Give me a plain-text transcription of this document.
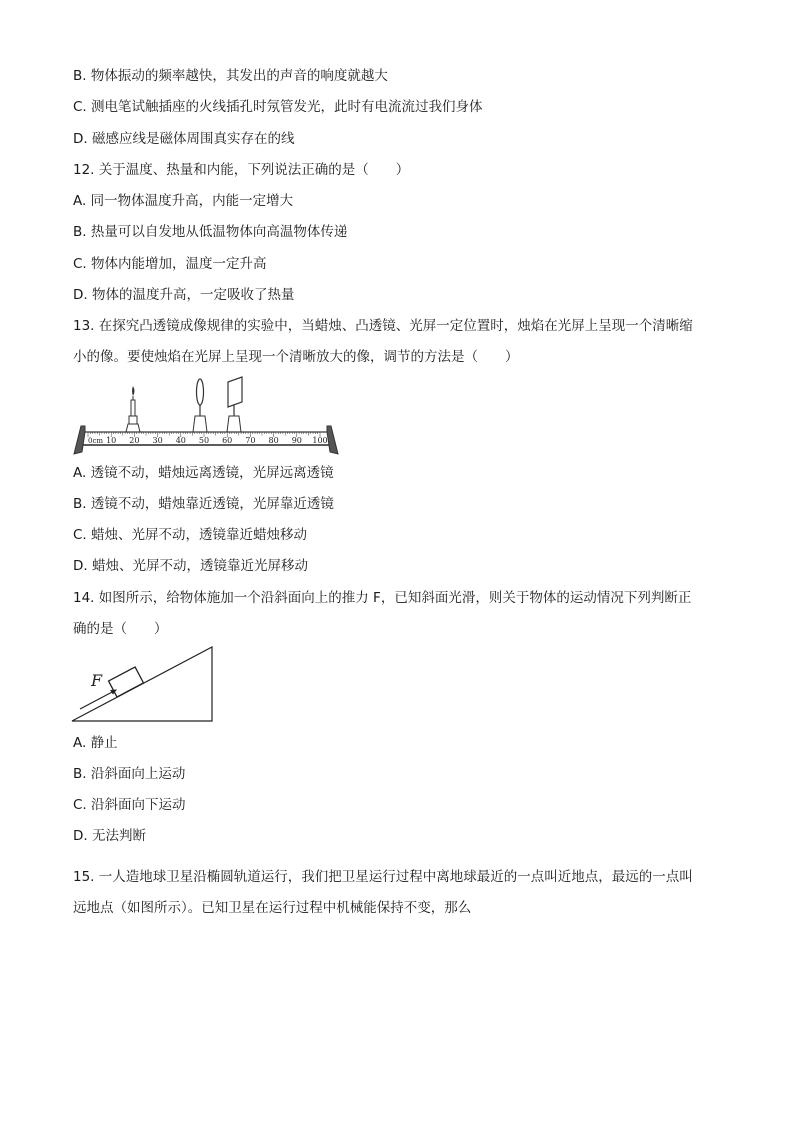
B. 物体振动的频率越快，其发出的声音的响度就越大
C. 测电笔试触插座的火线插孔时氖管发光，此时有电流流过我们身体
D. 磁感应线是磁体周围真实存在的线
12. 关于温度、热量和内能，下列说法正确的是（　　）
A. 同一物体温度升高，内能一定增大
B. 热量可以自发地从低温物体向高温物体传递
C. 物体内能增加，温度一定升高
D. 物体的温度升高，一定吸收了热量
13. 在探究凸透镜成像规律的实验中，当蜡烛、凸透镜、光屏一定位置时，烛焰在光屏上呈现一个清晰缩
小的像。要使烛焰在光屏上呈现一个清晰放大的像，调节的方法是（　　）
0cm 10 20 30 40 50 60 70 80 90 100
A. 透镜不动，蜡烛远离透镜，光屏远离透镜
B. 透镜不动，蜡烛靠近透镜，光屏靠近透镜
C. 蜡烛、光屏不动，透镜靠近蜡烛移动
D. 蜡烛、光屏不动，透镜靠近光屏移动
14. 如图所示，给物体施加一个沿斜面向上的推力 F，已知斜面光滑，则关于物体的运动情况下列判断正
确的是（　　）
F
A. 静止
B. 沿斜面向上运动
C. 沿斜面向下运动
D. 无法判断
15. 一人造地球卫星沿椭圆轨道运行，我们把卫星运行过程中离地球最近的一点叫近地点，最远的一点叫
远地点（如图所示）。已知卫星在运行过程中机械能保持不变，那么
